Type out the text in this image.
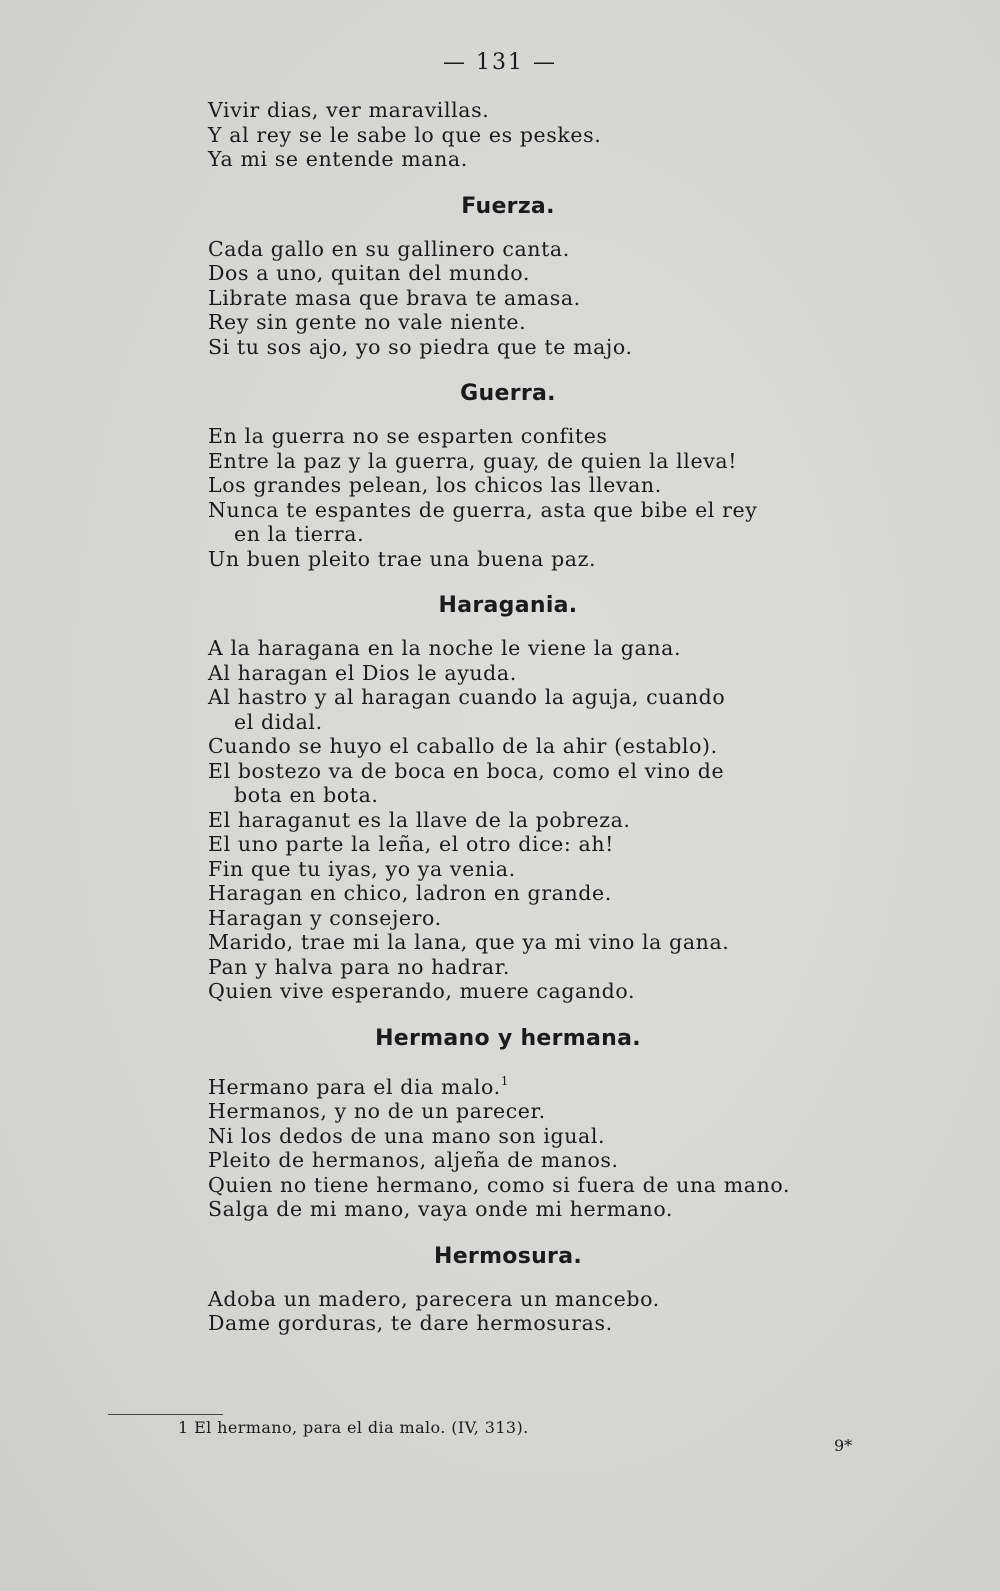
— 131 —
Vivir dias, ver maravillas.
Y al rey se le sabe lo que es peskes.
Ya mi se entende mana.
Fuerza.
Cada gallo en su gallinero canta.
Dos a uno, quitan del mundo.
Librate masa que brava te amasa.
Rey sin gente no vale niente.
Si tu sos ajo, yo so piedra que te majo.
Guerra.
En la guerra no se esparten confites
Entre la paz y la guerra, guay, de quien la lleva!
Los grandes pelean, los chicos las llevan.
Nunca te espantes de guerra, asta que bibe el rey
en la tierra.
Un buen pleito trae una buena paz.
Haragania.
A la haragana en la noche le viene la gana.
Al haragan el Dios le ayuda.
Al hastro y al haragan cuando la aguja, cuando
el didal.
Cuando se huyo el caballo de la ahir (establo).
El bostezo va de boca en boca, como el vino de
bota en bota.
El haraganut es la llave de la pobreza.
El uno parte la leña, el otro dice: ah!
Fin que tu iyas, yo ya venia.
Haragan en chico, ladron en grande.
Haragan y consejero.
Marido, trae mi la lana, que ya mi vino la gana.
Pan y halva para no hadrar.
Quien vive esperando, muere cagando.
Hermano y hermana.
Hermano para el dia malo.$^1$
Hermanos, y no de un parecer.
Ni los dedos de una mano son igual.
Pleito de hermanos, aljeña de manos.
Quien no tiene hermano, como si fuera de una mano.
Salga de mi mano, vaya onde mi hermano.
Hermosura.
Adoba un madero, parecera un mancebo.
Dame gorduras, te dare hermosuras.
1 El hermano, para el dia malo. (IV, 313).
9*
